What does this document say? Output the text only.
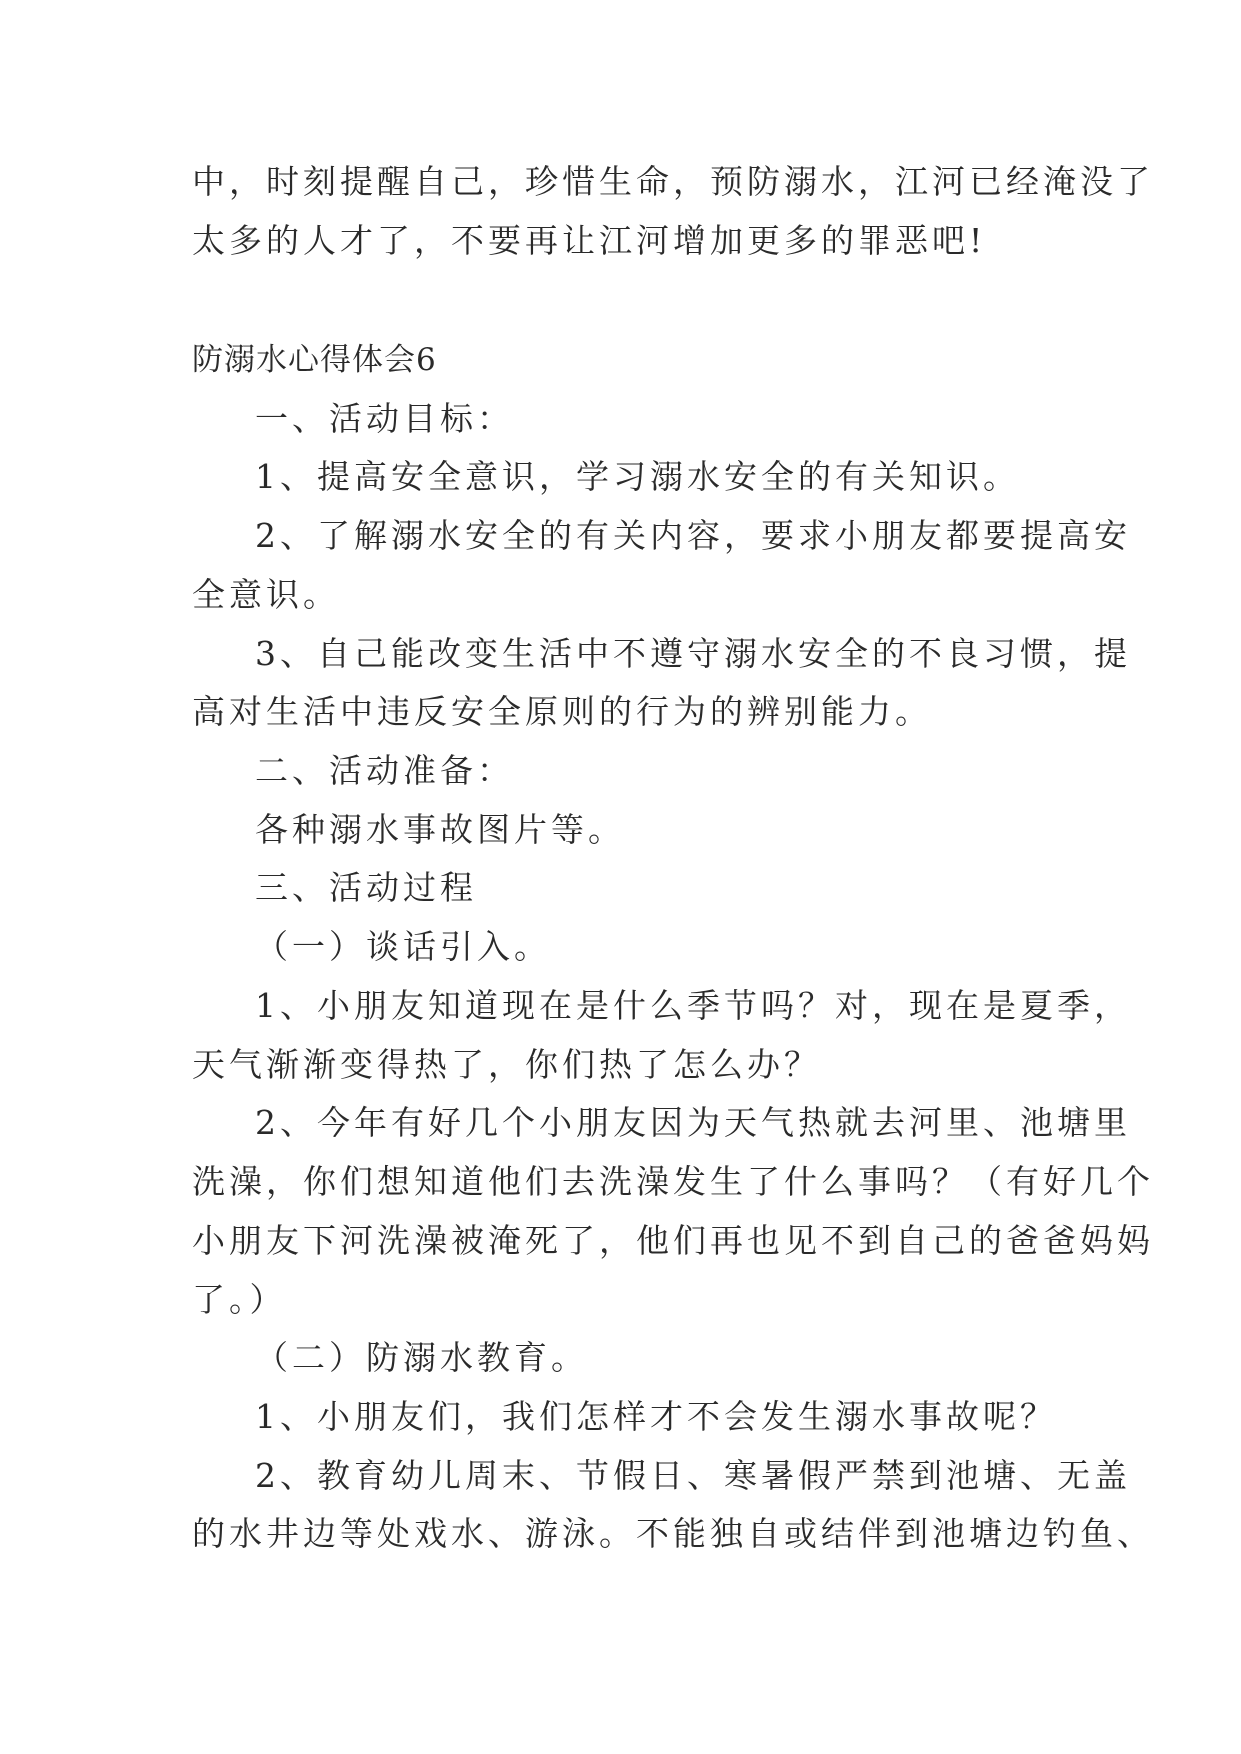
中，时刻提醒自己，珍惜生命，预防溺水，江河已经淹没了

太多的人才了，不要再让江河增加更多的罪恶吧!

防溺水心得体会6

一、活动目标：

1、提高安全意识，学习溺水安全的有关知识。

2、了解溺水安全的有关内容，要求小朋友都要提高安

全意识。

3、自己能改变生活中不遵守溺水安全的不良习惯，提

高对生活中违反安全原则的行为的辨别能力。

二、活动准备：

各种溺水事故图片等。

三、活动过程

（一）谈话引入。

1、小朋友知道现在是什么季节吗？对，现在是夏季，

天气渐渐变得热了，你们热了怎么办？

2、今年有好几个小朋友因为天气热就去河里、池塘里

洗澡，你们想知道他们去洗澡发生了什么事吗？（有好几个

小朋友下河洗澡被淹死了，他们再也见不到自己的爸爸妈妈

了。）

（二）防溺水教育。

1、小朋友们，我们怎样才不会发生溺水事故呢？

2、教育幼儿周末、节假日、寒暑假严禁到池塘、无盖

的水井边等处戏水、游泳。不能独自或结伴到池塘边钓鱼、
